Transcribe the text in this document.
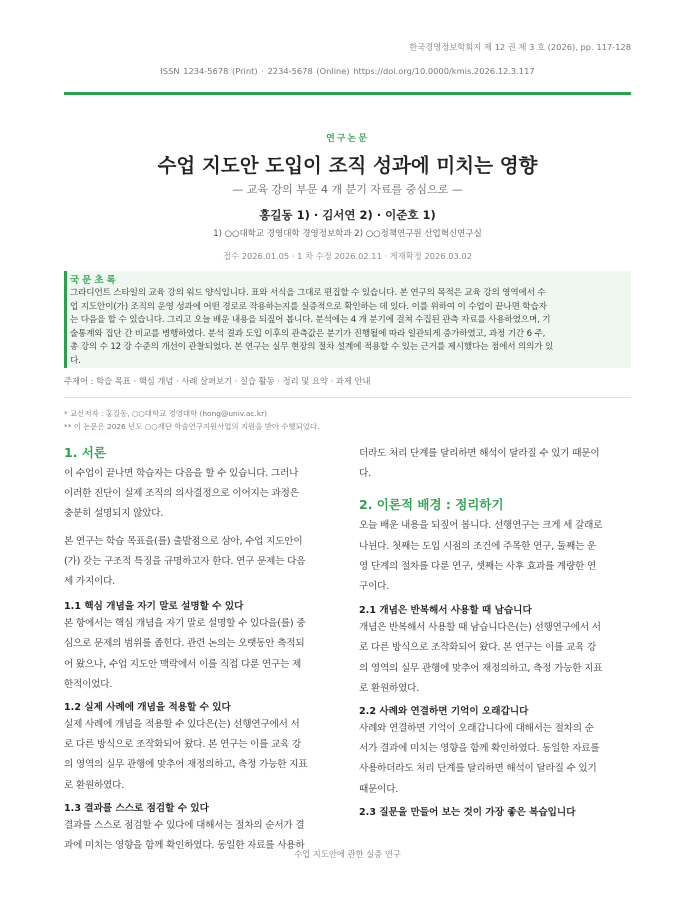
한국경영정보학회지 제 12 권 제 3 호 (2026), pp. 117-128
ISSN 1234-5678 (Print) · 2234-5678 (Online) https://doi.org/10.0000/kmis.2026.12.3.117
연구논문
수업 지도안 도입이 조직 성과에 미치는 영향
— 교육 강의 부문 4 개 분기 자료를 중심으로 —
홍길동 1) · 김서연 2) · 이준호 1)
1) ○○대학교 경영대학 경영정보학과 2) ○○정책연구원 산업혁신연구실
접수 2026.01.05 · 1 차 수정 2026.02.11 · 게재확정 2026.03.02
국문초록
그라디언트 스타일의 교육 강의 워드 양식입니다. 표와 서식을 그대로 편집할 수 있습니다. 본 연구의 목적은 교육 강의 영역에서 수
업 지도안이(가) 조직의 운영 성과에 어떤 경로로 작용하는지를 실증적으로 확인하는 데 있다. 이를 위하여 이 수업이 끝나면 학습자
는 다음을 할 수 있습니다. 그리고 오늘 배운 내용을 되짚어 봅니다. 분석에는 4 개 분기에 걸쳐 수집된 관측 자료를 사용하였으며, 기
술통계와 집단 간 비교를 병행하였다. 분석 결과 도입 이후의 관측값은 분기가 진행될에 따라 일관되게 증가하였고, 과정 기간 6 주,
총 강의 수 12 강 수준의 개선이 관찰되었다. 본 연구는 실무 현장의 절차 설계에 적용할 수 있는 근거를 제시했다는 점에서 의의가 있
다.
주제어 : 학습 목표 · 핵심 개념 · 사례 살펴보기 · 실습 활동 · 정리 및 요약 · 과제 안내
* 교신저자 : 홍길동, ○○대학교 경영대학 (hong@univ.ac.kr)
** 이 논문은 2026 년도 ○○재단 학술연구지원사업의 지원을 받아 수행되었다.
1. 서론
이 수업이 끝나면 학습자는 다음을 할 수 있습니다. 그러나
이러한 진단이 실제 조직의 의사결정으로 이어지는 과정은
충분히 설명되지 않았다.
본 연구는 학습 목표을(를) 출발점으로 삼아, 수업 지도안이
(가) 갖는 구조적 특징을 규명하고자 한다. 연구 문제는 다음
세 가지이다.
1.1 핵심 개념을 자기 말로 설명할 수 있다
본 항에서는 핵심 개념을 자기 말로 설명할 수 있다을(를) 중
심으로 문제의 범위를 좁힌다. 관련 논의는 오랫동안 축적되
어 왔으나, 수업 지도안 맥락에서 이를 직접 다룬 연구는 제
한적이었다.
1.2 실제 사례에 개념을 적용할 수 있다
실제 사례에 개념을 적용할 수 있다은(는) 선행연구에서 서
로 다른 방식으로 조작화되어 왔다. 본 연구는 이를 교육 강
의 영역의 실무 관행에 맞추어 재정의하고, 측정 가능한 지표
로 환원하였다.
1.3 결과를 스스로 점검할 수 있다
결과를 스스로 점검할 수 있다에 대해서는 절차의 순서가 결
과에 미치는 영향을 함께 확인하였다. 동일한 자료를 사용하
더라도 처리 단계를 달리하면 해석이 달라질 수 있기 때문이
다.
2. 이론적 배경 : 정리하기
오늘 배운 내용을 되짚어 봅니다. 선행연구는 크게 세 갈래로
나뉜다. 첫째는 도입 시점의 조건에 주목한 연구, 둘째는 운
영 단계의 절차를 다룬 연구, 셋째는 사후 효과를 계량한 연
구이다.
2.1 개념은 반복해서 사용할 때 남습니다
개념은 반복해서 사용할 때 남습니다은(는) 선행연구에서 서
로 다른 방식으로 조작화되어 왔다. 본 연구는 이를 교육 강
의 영역의 실무 관행에 맞추어 재정의하고, 측정 가능한 지표
로 환원하였다.
2.2 사례와 연결하면 기억이 오래갑니다
사례와 연결하면 기억이 오래갑니다에 대해서는 절차의 순
서가 결과에 미치는 영향을 함께 확인하였다. 동일한 자료를
사용하더라도 처리 단계를 달리하면 해석이 달라질 수 있기
때문이다.
2.3 질문을 만들어 보는 것이 가장 좋은 복습입니다
수업 지도안에 관한 실증 연구
